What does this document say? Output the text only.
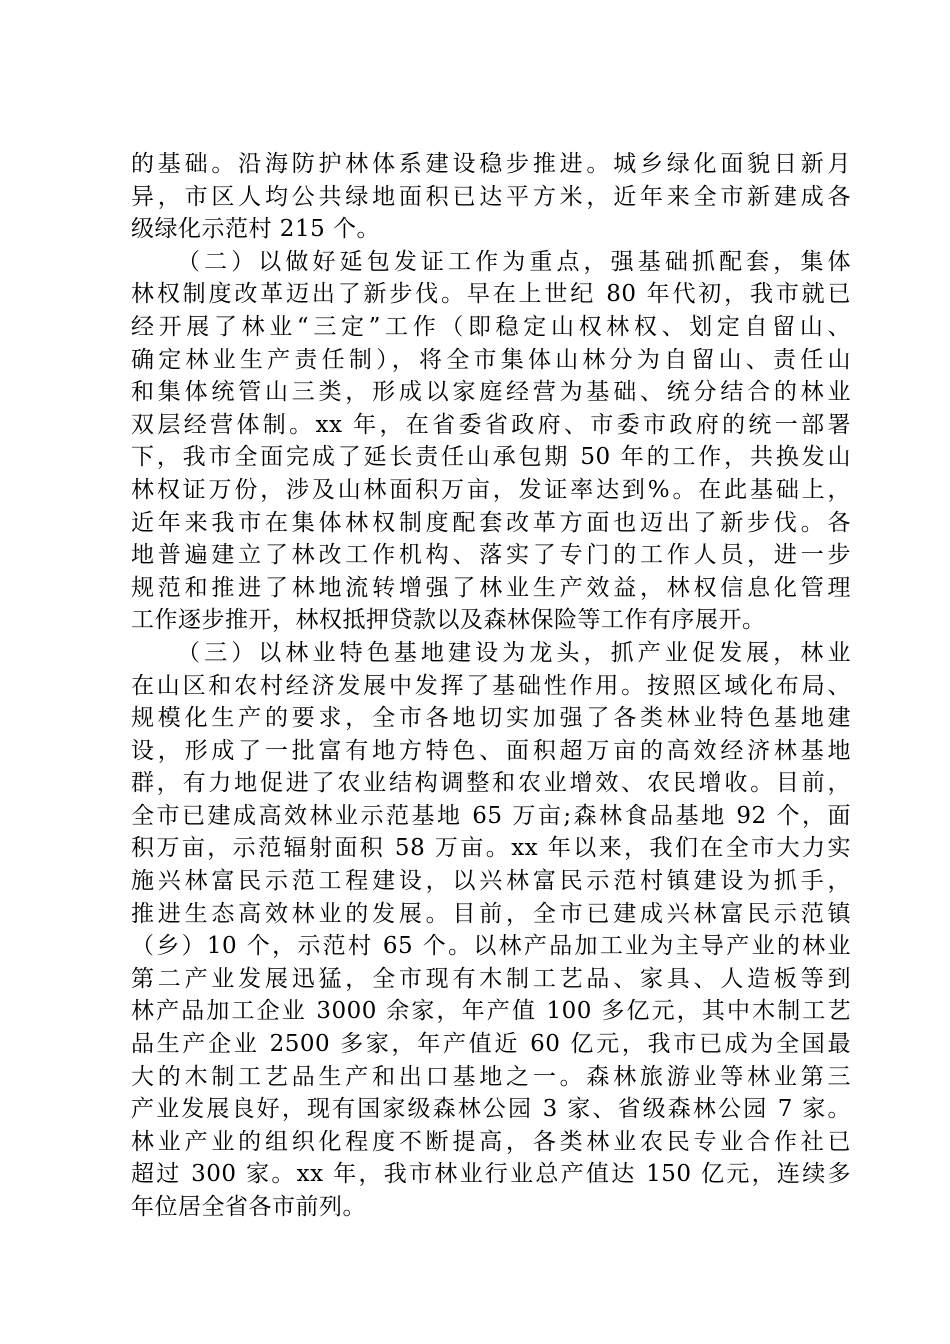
的基础。沿海防护林体系建设稳步推进。城乡绿化面貌日新月
异，市区人均公共绿地面积已达平方米，近年来全市新建成各
级绿化示范村 215 个。
（二）以做好延包发证工作为重点，强基础抓配套，集体
林权制度改革迈出了新步伐。早在上世纪 80 年代初，我市就已
经开展了林业“三定”工作（即稳定山权林权、划定自留山、
确定林业生产责任制），将全市集体山林分为自留山、责任山
和集体统管山三类，形成以家庭经营为基础、统分结合的林业
双层经营体制。xx 年，在省委省政府、市委市政府的统一部署
下，我市全面完成了延长责任山承包期 50 年的工作，共换发山
林权证万份，涉及山林面积万亩，发证率达到%。在此基础上，
近年来我市在集体林权制度配套改革方面也迈出了新步伐。各
地普遍建立了林改工作机构、落实了专门的工作人员，进一步
规范和推进了林地流转增强了林业生产效益，林权信息化管理
工作逐步推开，林权抵押贷款以及森林保险等工作有序展开。
（三）以林业特色基地建设为龙头，抓产业促发展，林业
在山区和农村经济发展中发挥了基础性作用。按照区域化布局、
规模化生产的要求，全市各地切实加强了各类林业特色基地建
设，形成了一批富有地方特色、面积超万亩的高效经济林基地
群，有力地促进了农业结构调整和农业增效、农民增收。目前，
全市已建成高效林业示范基地 65 万亩;森林食品基地 92 个，面
积万亩，示范辐射面积 58 万亩。xx 年以来，我们在全市大力实
施兴林富民示范工程建设，以兴林富民示范村镇建设为抓手，
推进生态高效林业的发展。目前，全市已建成兴林富民示范镇
（乡）10 个，示范村 65 个。以林产品加工业为主导产业的林业
第二产业发展迅猛，全市现有木制工艺品、家具、人造板等到
林产品加工企业 3000 余家，年产值 100 多亿元，其中木制工艺
品生产企业 2500 多家，年产值近 60 亿元，我市已成为全国最
大的木制工艺品生产和出口基地之一。森林旅游业等林业第三
产业发展良好，现有国家级森林公园 3 家、省级森林公园 7 家。
林业产业的组织化程度不断提高，各类林业农民专业合作社已
超过 300 家。xx 年，我市林业行业总产值达 150 亿元，连续多
年位居全省各市前列。
